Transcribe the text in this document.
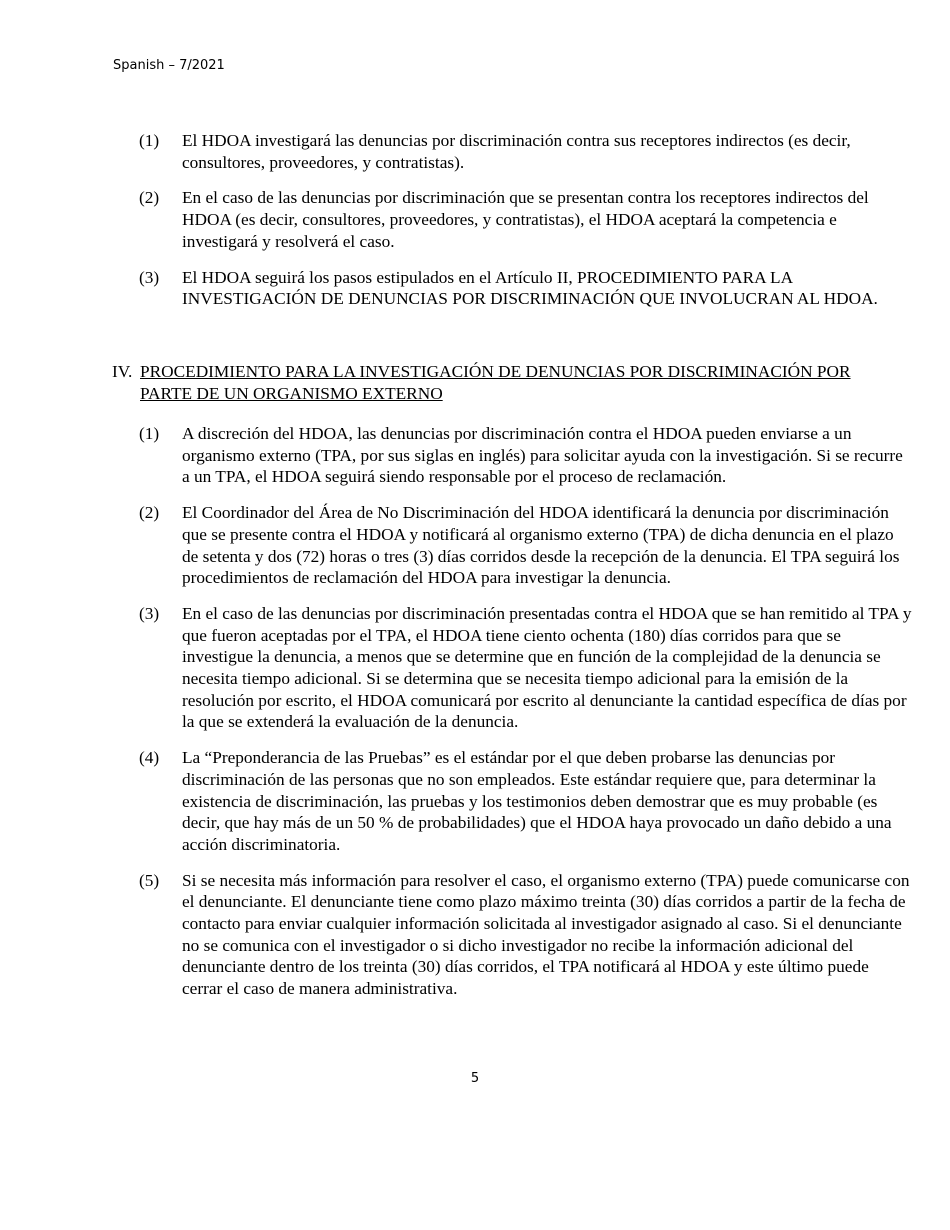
Spanish – 7/2021
(1) El HDOA investigará las denuncias por discriminación contra sus receptores indirectos (es decir, consultores, proveedores, y contratistas).
(2) En el caso de las denuncias por discriminación que se presentan contra los receptores indirectos del HDOA (es decir, consultores, proveedores, y contratistas), el HDOA aceptará la competencia e investigará y resolverá el caso.
(3) El HDOA seguirá los pasos estipulados en el Artículo II, PROCEDIMIENTO PARA LA INVESTIGACIÓN DE DENUNCIAS POR DISCRIMINACIÓN QUE INVOLUCRAN AL HDOA.
IV. PROCEDIMIENTO PARA LA INVESTIGACIÓN DE DENUNCIAS POR DISCRIMINACIÓN POR PARTE DE UN ORGANISMO EXTERNO
(1) A discreción del HDOA, las denuncias por discriminación contra el HDOA pueden enviarse a un organismo externo (TPA, por sus siglas en inglés) para solicitar ayuda con la investigación. Si se recurre a un TPA, el HDOA seguirá siendo responsable por el proceso de reclamación.
(2) El Coordinador del Área de No Discriminación del HDOA identificará la denuncia por discriminación que se presente contra el HDOA y notificará al organismo externo (TPA) de dicha denuncia en el plazo de setenta y dos (72) horas o tres (3) días corridos desde la recepción de la denuncia. El TPA seguirá los procedimientos de reclamación del HDOA para investigar la denuncia.
(3) En el caso de las denuncias por discriminación presentadas contra el HDOA que se han remitido al TPA y que fueron aceptadas por el TPA, el HDOA tiene ciento ochenta (180) días corridos para que se investigue la denuncia, a menos que se determine que en función de la complejidad de la denuncia se necesita tiempo adicional. Si se determina que se necesita tiempo adicional para la emisión de la resolución por escrito, el HDOA comunicará por escrito al denunciante la cantidad específica de días por la que se extenderá la evaluación de la denuncia.
(4) La “Preponderancia de las Pruebas” es el estándar por el que deben probarse las denuncias por discriminación de las personas que no son empleados. Este estándar requiere que, para determinar la existencia de discriminación, las pruebas y los testimonios deben demostrar que es muy probable (es decir, que hay más de un 50 % de probabilidades) que el HDOA haya provocado un daño debido a una acción discriminatoria.
(5) Si se necesita más información para resolver el caso, el organismo externo (TPA) puede comunicarse con el denunciante. El denunciante tiene como plazo máximo treinta (30) días corridos a partir de la fecha de contacto para enviar cualquier información solicitada al investigador asignado al caso. Si el denunciante no se comunica con el investigador o si dicho investigador no recibe la información adicional del denunciante dentro de los treinta (30) días corridos, el TPA notificará al HDOA y este último puede cerrar el caso de manera administrativa.
5
